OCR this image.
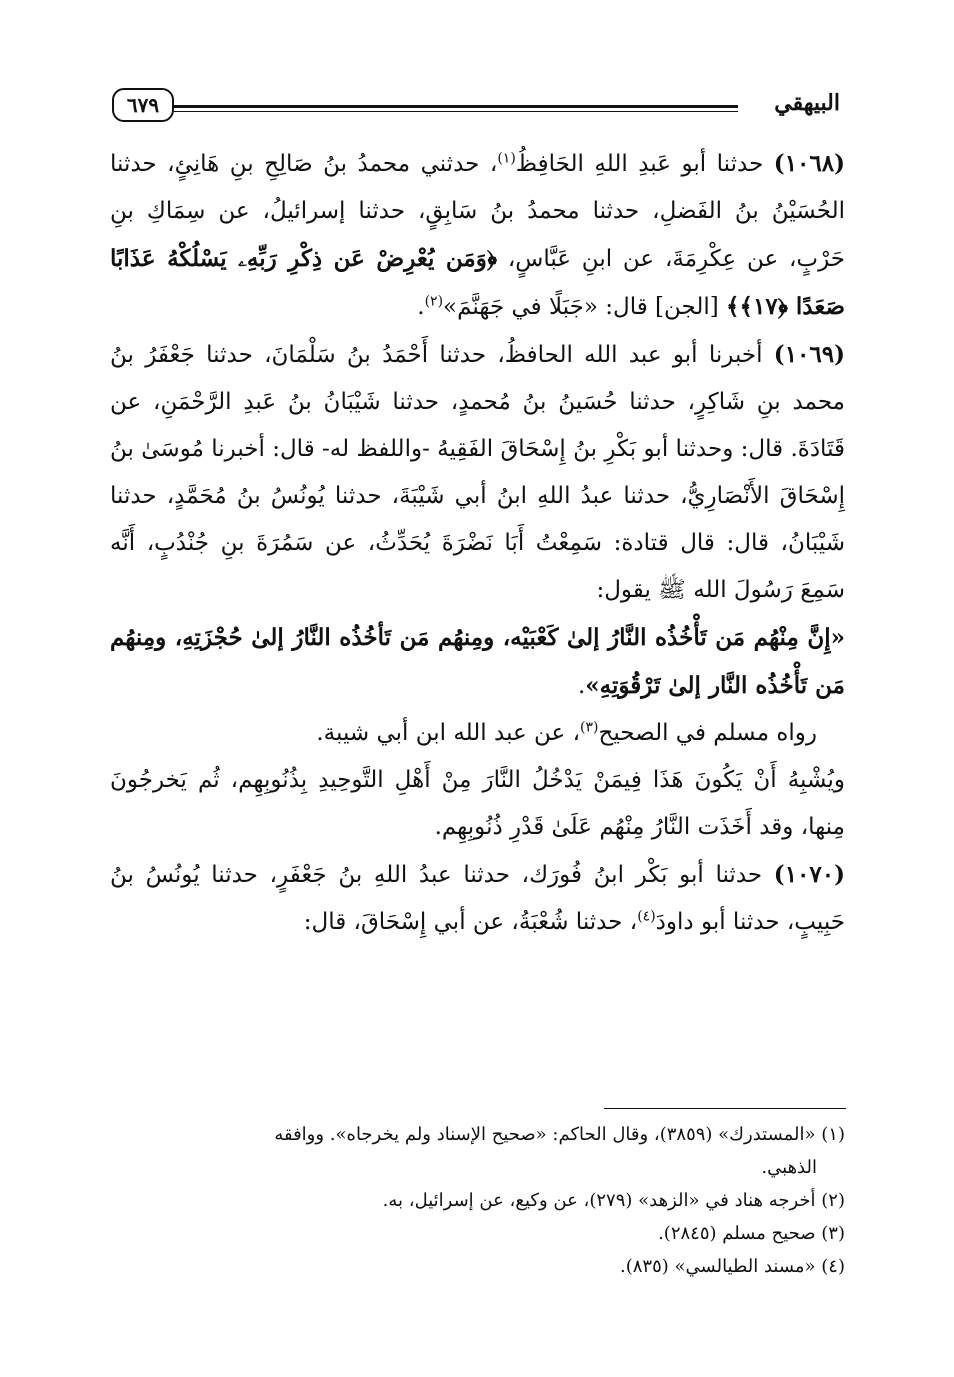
البيهقي
٦٧٩

(١٠٦٨) حدثنا أبو عَبدِ اللهِ الحَافِظُ$^{(١)}$، حدثني محمدُ بنُ صَالِحِ بنِ هَانِئٍ، حدثنا الحُسَيْنُ بنُ الفَضلِ، حدثنا محمدُ بنُ سَابِقٍ، حدثنا إسرائيلُ، عن سِمَاكِ بنِ حَرْبٍ، عن عِكْرِمَةَ، عن ابنِ عَبَّاسٍ، ﴿وَمَن يُعْرِضْ عَن ذِكْرِ رَبِّهِۦ يَسْلُكْهُ عَذَابًا صَعَدًا ﴿١٧﴾﴾ [الجن] قال: «جَبَلًا في جَهَنَّمَ»$^{(٢)}$.

(١٠٦٩) أخبرنا أبو عبد الله الحافظُ، حدثنا أَحْمَدُ بنُ سَلْمَانَ، حدثنا جَعْفَرُ بنُ محمد بنِ شَاكِرٍ، حدثنا حُسَينُ بنُ مُحمدٍ، حدثنا شَيْبَانُ بنُ عَبدِ الرَّحْمَنِ، عن قَتَادَةَ. قال: وحدثنا أبو بَكْرِ بنُ إِسْحَاقَ الفَقِيهُ -واللفظ له- قال: أخبرنا مُوسَىٰ بنُ إِسْحَاقَ الأَنْصَارِيُّ، حدثنا عبدُ اللهِ ابنُ أبي شَيْبَةَ، حدثنا يُونُسُ بنُ مُحَمَّدٍ، حدثنا شَيْبَانُ، قال: قال قتادة: سَمِعْتُ أَبَا نَضْرَةَ يُحَدِّثُ، عن سَمُرَةَ بنِ جُنْدُبٍ، أَنَّه سَمِعَ رَسُولَ الله ﷺ يقول:

«إِنَّ مِنْهُم مَن تَأْخُذُه النَّارُ إلىٰ كَعْبَيْه، ومِنهُم مَن تَأخُذُه النَّارُ إلىٰ حُجْزَتِهِ، ومِنهُم مَن تَأْخُذُه النَّار إلىٰ تَرْقُوَتِهِ».

رواه مسلم في الصحيح$^{(٣)}$، عن عبد الله ابن أبي شيبة.

ويُشْبِهُ أَنْ يَكُونَ هَذَا فِيمَنْ يَدْخُلُ النَّارَ مِنْ أَهْلِ التَّوحِيدِ بِذُنُوبِهِم، ثُم يَخرجُونَ مِنها، وقد أَخَذَت النَّارُ مِنْهُم عَلَىٰ قَدْرِ ذُنُوبِهِم.

(١٠٧٠) حدثنا أبو بَكْر ابنُ فُورَك، حدثنا عبدُ اللهِ بنُ جَعْفَرٍ، حدثنا يُونُسُ بنُ حَبِيبٍ، حدثنا أبو داودَ$^{(٤)}$، حدثنا شُعْبَةُ، عن أبي إِسْحَاقَ، قال:

(١) «المستدرك» (٣٨٥٩)، وقال الحاكم: «صحيح الإسناد ولم يخرجاه». ووافقه

الذهبي.

(٢) أخرجه هناد في «الزهد» (٢٧٩)، عن وكيع، عن إسرائيل، به.

(٣) صحيح مسلم (٢٨٤٥).

(٤) «مسند الطيالسي» (٨٣٥).
